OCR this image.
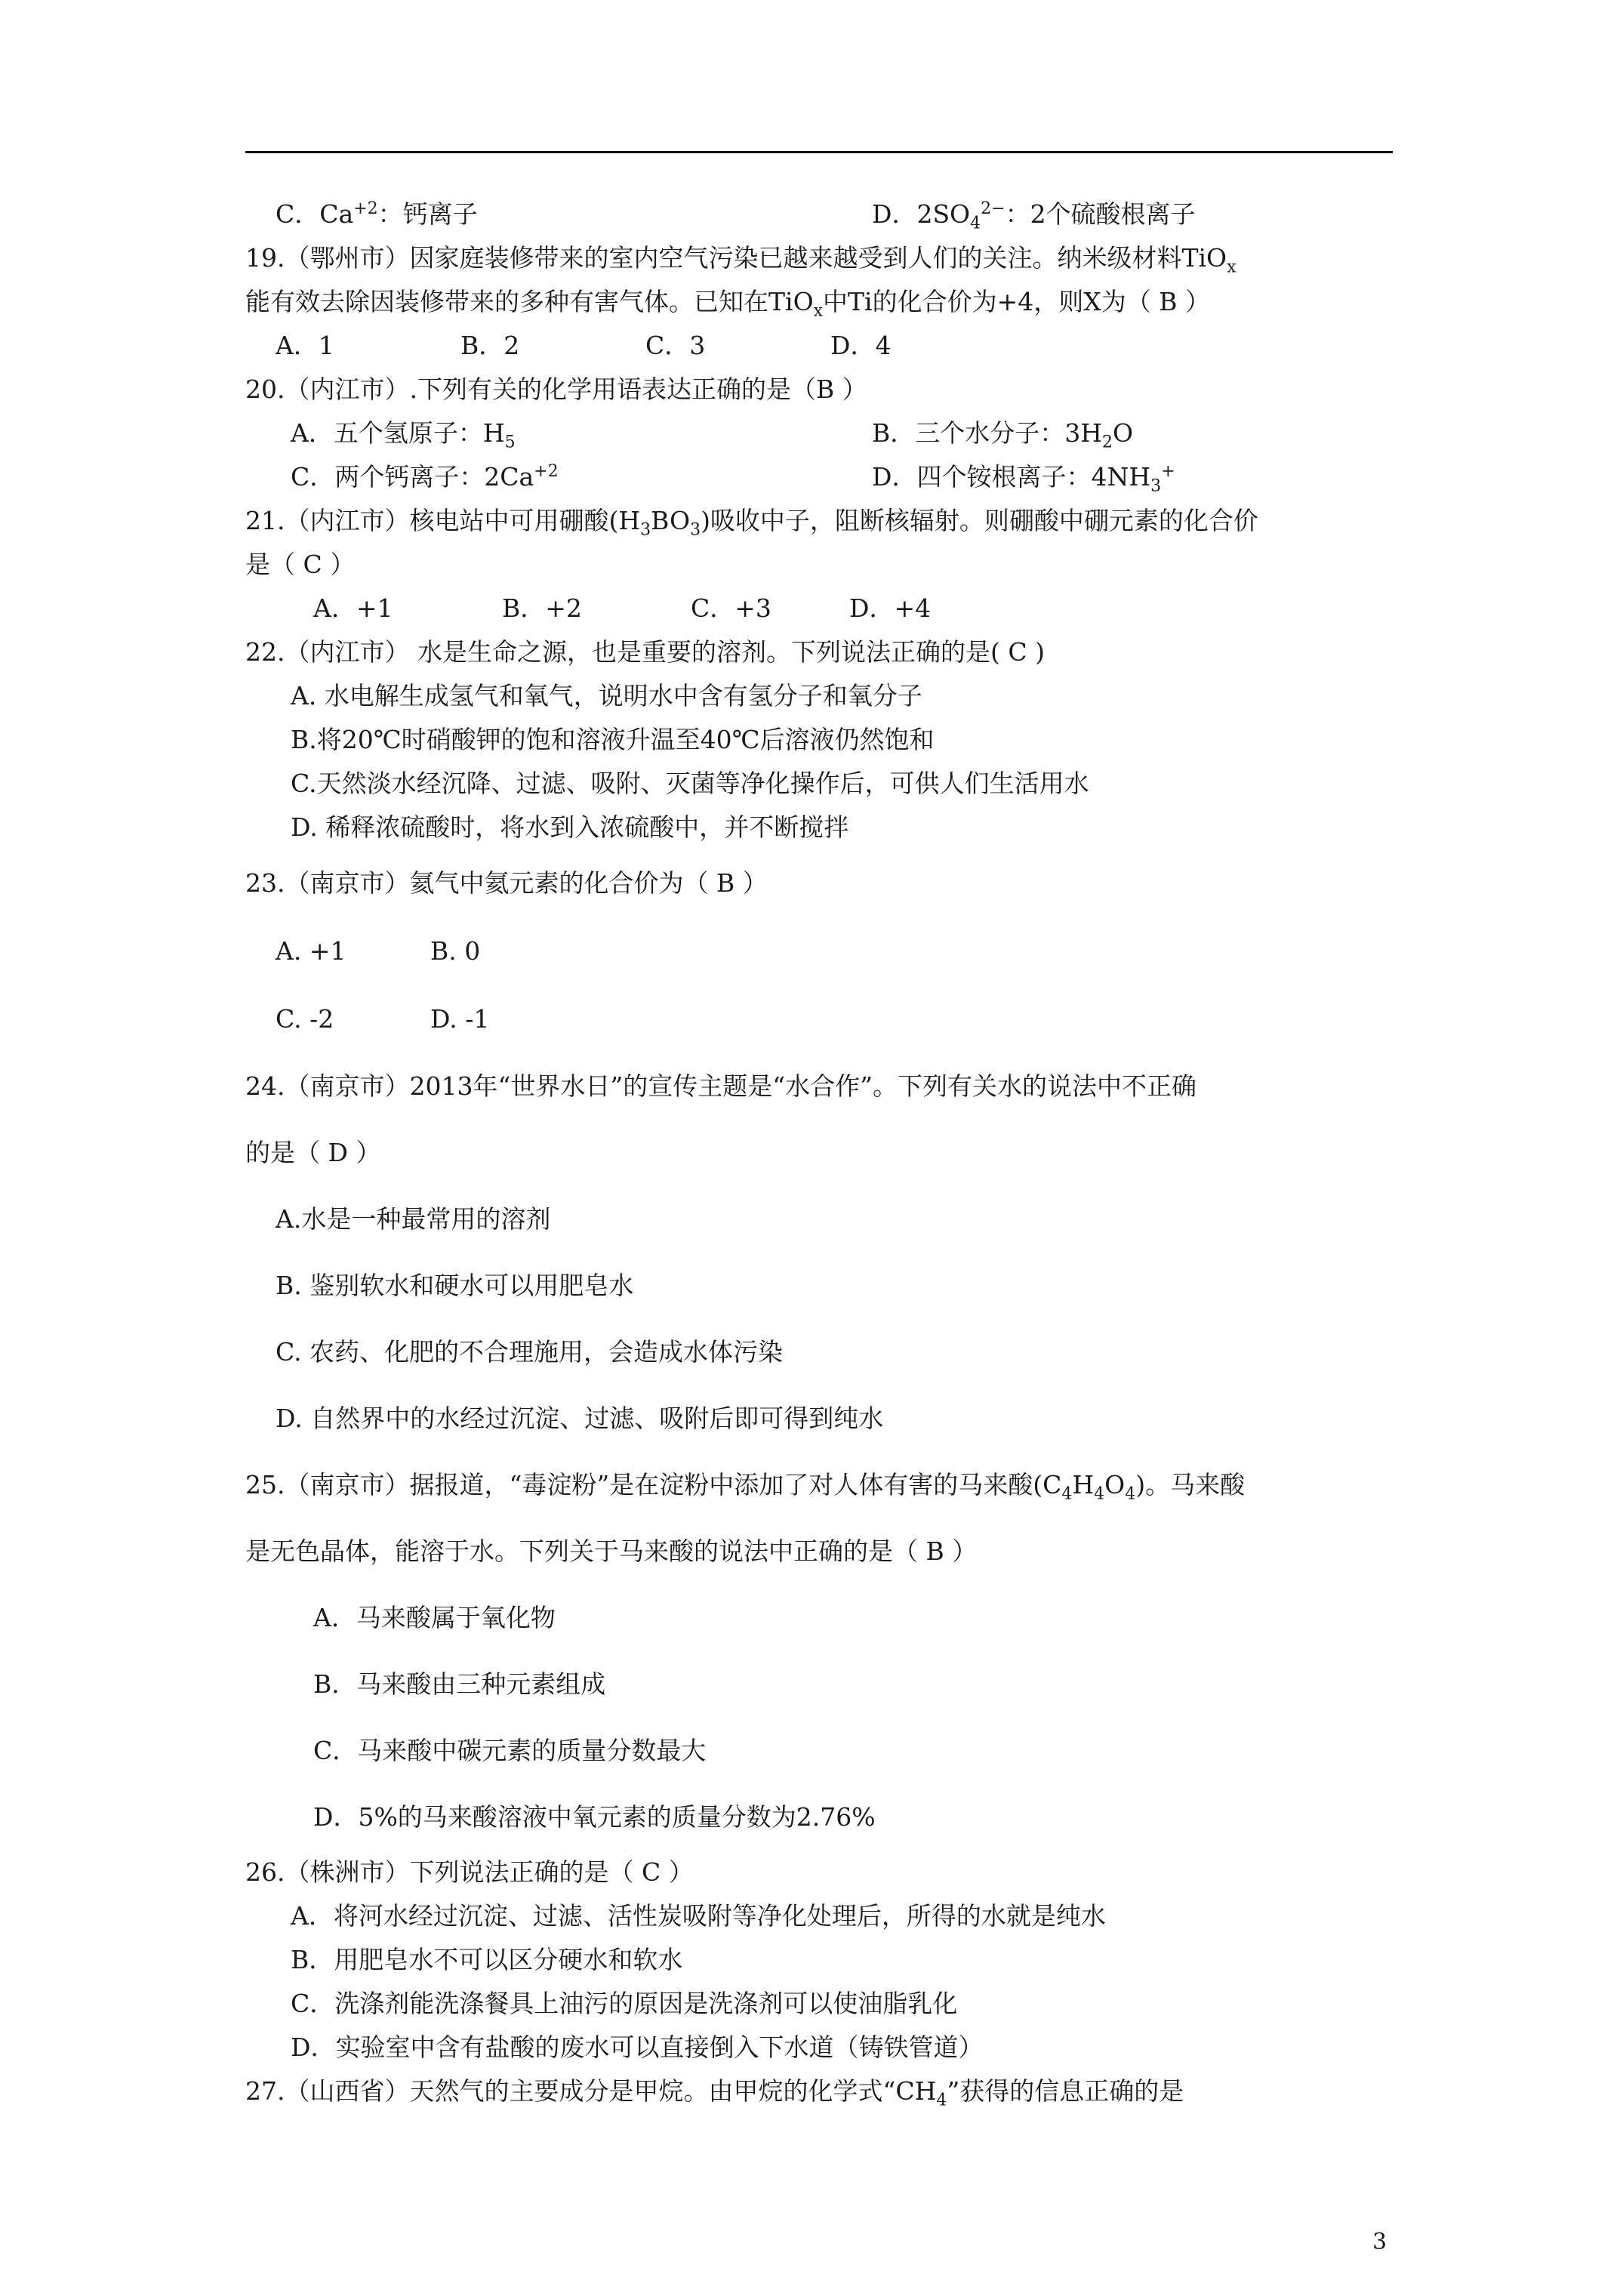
C．$Ca^{+2}$：钙离子	D．$2SO_4^{2-}$：2个硫酸根离子
19.（鄂州市）因家庭装修带来的室内空气污染已越来越受到人们的关注。纳米级材料TiO$_x$
能有效去除因装修带来的多种有害气体。已知在TiO$_x$中Ti的化合价为+4，则X为（ B ）
A．1	B．2	C．3	D．4
20.（内江市）.下列有关的化学用语表达正确的是（B ）
A．五个氢原子：$H_5$	B．三个水分子：$3H_2O$
C．两个钙离子：$2Ca^{+2}$	D．四个铵根离子：$4NH_3^+$
21.（内江市）核电站中可用硼酸$(H_3BO_3)$吸收中子，阻断核辐射。则硼酸中硼元素的化合价
是（ C ）
A．+1	B．+2	C．+3	D．+4
22.（内江市） 水是生命之源，也是重要的溶剂。下列说法正确的是( C )
A. 水电解生成氢气和氧气，说明水中含有氢分子和氧分子
B.将20℃时硝酸钾的饱和溶液升温至40℃后溶液仍然饱和
C.天然淡水经沉降、过滤、吸附、灭菌等净化操作后，可供人们生活用水
D. 稀释浓硫酸时，将水到入浓硫酸中，并不断搅拌
23.（南京市）氦气中氦元素的化合价为（ B ）
A. +1	B. 0
C. -2	D. -1
24.（南京市）2013年“世界水日”的宣传主题是“水合作”。下列有关水的说法中不正确
的是（ D ）
A.水是一种最常用的溶剂
B. 鉴别软水和硬水可以用肥皂水
C. 农药、化肥的不合理施用，会造成水体污染
D. 自然界中的水经过沉淀、过滤、吸附后即可得到纯水
25.（南京市）据报道，“毒淀粉”是在淀粉中添加了对人体有害的马来酸$(C_4H_4O_4)$。马来酸
是无色晶体，能溶于水。下列关于马来酸的说法中正确的是（ B ）
A．马来酸属于氧化物
B．马来酸由三种元素组成
C．马来酸中碳元素的质量分数最大
D．5%的马来酸溶液中氧元素的质量分数为2.76%
26.（株洲市）下列说法正确的是（ C ）
A．将河水经过沉淀、过滤、活性炭吸附等净化处理后，所得的水就是纯水
B．用肥皂水不可以区分硬水和软水
C．洗涤剂能洗涤餐具上油污的原因是洗涤剂可以使油脂乳化
D．实验室中含有盐酸的废水可以直接倒入下水道（铸铁管道）
27.（山西省）天然气的主要成分是甲烷。由甲烷的化学式“$CH_4$”获得的信息正确的是
3
